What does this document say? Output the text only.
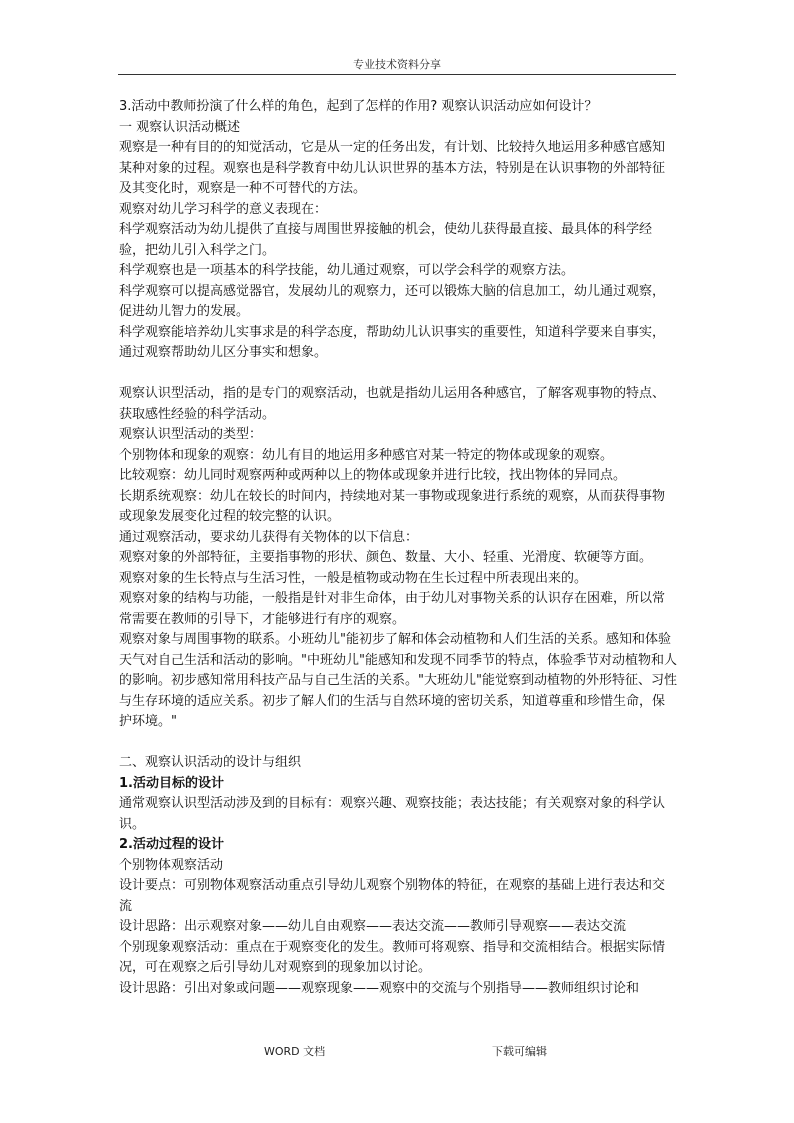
专业技术资料分享

3.活动中教师扮演了什么样的角色，起到了怎样的作用? 观察认识活动应如何设计？

一 观察认识活动概述

观察是一种有目的的知觉活动，它是从一定的任务出发，有计划、比较持久地运用多种感官感知某种对象的过程。观察也是科学教育中幼儿认识世界的基本方法，特别是在认识事物的外部特征及其变化时，观察是一种不可替代的方法。

观察对幼儿学习科学的意义表现在：

科学观察活动为幼儿提供了直接与周围世界接触的机会，使幼儿获得最直接、最具体的科学经验，把幼儿引入科学之门。

科学观察也是一项基本的科学技能，幼儿通过观察，可以学会科学的观察方法。

科学观察可以提高感觉器官，发展幼儿的观察力，还可以锻炼大脑的信息加工，幼儿通过观察，促进幼儿智力的发展。

科学观察能培养幼儿实事求是的科学态度，帮助幼儿认识事实的重要性，知道科学要来自事实，通过观察帮助幼儿区分事实和想象。

观察认识型活动，指的是专门的观察活动，也就是指幼儿运用各种感官，了解客观事物的特点、获取感性经验的科学活动。

观察认识型活动的类型：

个别物体和现象的观察：幼儿有目的地运用多种感官对某一特定的物体或现象的观察。

比较观察：幼儿同时观察两种或两种以上的物体或现象并进行比较，找出物体的异同点。

长期系统观察：幼儿在较长的时间内，持续地对某一事物或现象进行系统的观察，从而获得事物或现象发展变化过程的较完整的认识。

通过观察活动，要求幼儿获得有关物体的以下信息：

观察对象的外部特征，主要指事物的形状、颜色、数量、大小、轻重、光滑度、软硬等方面。

观察对象的生长特点与生活习性，一般是植物或动物在生长过程中所表现出来的。

观察对象的结构与功能，一般指是针对非生命体，由于幼儿对事物关系的认识存在困难，所以常常需要在教师的引导下，才能够进行有序的观察。

观察对象与周围事物的联系。小班幼儿"能初步了解和体会动植物和人们生活的关系。感知和体验天气对自己生活和活动的影响。"中班幼儿"能感知和发现不同季节的特点，体验季节对动植物和人的影响。初步感知常用科技产品与自己生活的关系。"大班幼儿"能觉察到动植物的外形特征、习性与生存环境的适应关系。初步了解人们的生活与自然环境的密切关系，知道尊重和珍惜生命，保护环境。"

二、观察认识活动的设计与组织

1.活动目标的设计

通常观察认识型活动涉及到的目标有：观察兴趣、观察技能；表达技能；有关观察对象的科学认识。

2.活动过程的设计

个别物体观察活动

设计要点：可别物体观察活动重点引导幼儿观察个别物体的特征，在观察的基础上进行表达和交流

设计思路：出示观察对象——幼儿自由观察——表达交流——教师引导观察——表达交流

个别现象观察活动：重点在于观察变化的发生。教师可将观察、指导和交流相结合。根据实际情况，可在观察之后引导幼儿对观察到的现象加以讨论。

设计思路：引出对象或问题——观察现象——观察中的交流与个别指导——教师组织讨论和

WORD 文档	下载可编辑
